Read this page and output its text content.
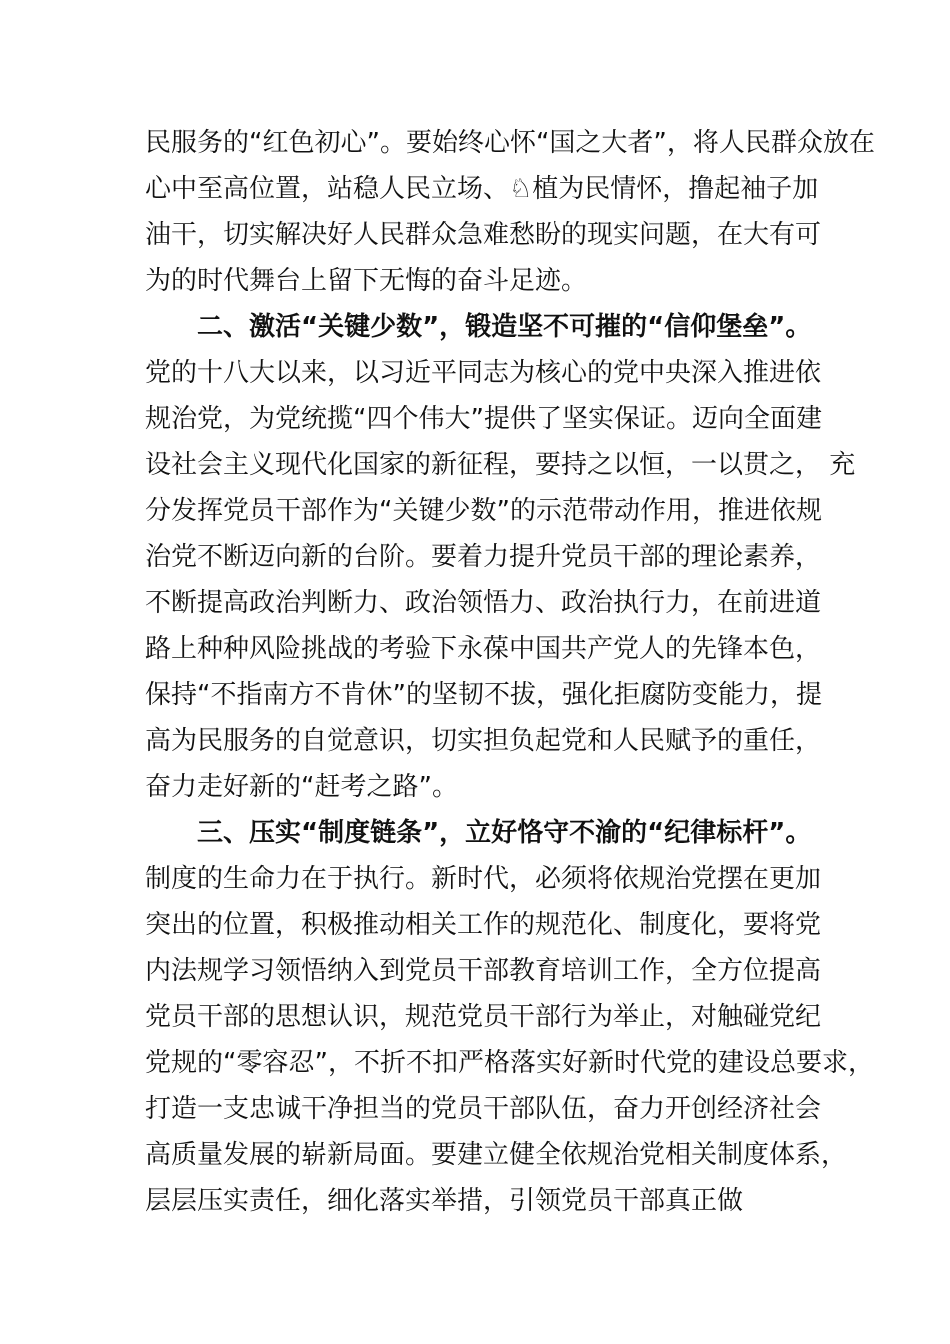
民服务的“红色初心”。要始终心怀“国之大者”，将人民群众放在
心中至高位置，站稳人民立场、♘植为民情怀，撸起袖子加
油干，切实解决好人民群众急难愁盼的现实问题，在大有可
为的时代舞台上留下无悔的奋斗足迹。
二、激活“关键少数”，锻造坚不可摧的“信仰堡垒”。
党的十八大以来，以习近平同志为核心的党中央深入推进依
规治党，为党统揽“四个伟大”提供了坚实保证。迈向全面建
设社会主义现代化国家的新征程，要持之以恒，一以贯之， 充
分发挥党员干部作为“关键少数”的示范带动作用，推进依规
治党不断迈向新的台阶。要着力提升党员干部的理论素养，
不断提高政治判断力、政治领悟力、政治执行力，在前进道
路上种种风险挑战的考验下永葆中国共产党人的先锋本色，
保持“不指南方不肯休”的坚韧不拔，强化拒腐防变能力，提
高为民服务的自觉意识，切实担负起党和人民赋予的重任，
奋力走好新的“赶考之路”。
三、压实“制度链条”，立好恪守不渝的“纪律标杆”。
制度的生命力在于执行。新时代，必须将依规治党摆在更加
突出的位置，积极推动相关工作的规范化、制度化，要将党
内法规学习领悟纳入到党员干部教育培训工作，全方位提高
党员干部的思想认识，规范党员干部行为举止，对触碰党纪
党规的“零容忍”，不折不扣严格落实好新时代党的建设总要求，
打造一支忠诚干净担当的党员干部队伍，奋力开创经济社会
高质量发展的崭新局面。要建立健全依规治党相关制度体系，
层层压实责任，细化落实举措，引领党员干部真正做
